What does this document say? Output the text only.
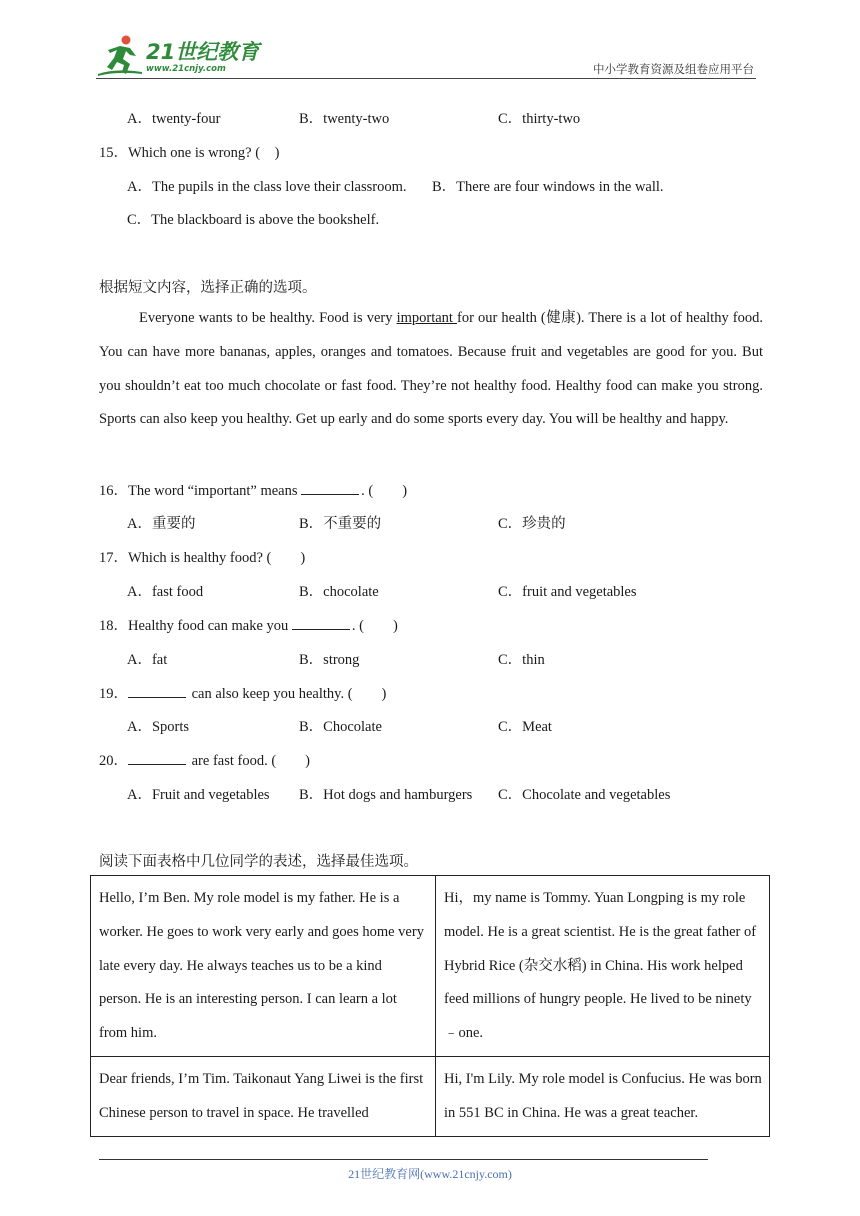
21世纪教育
www.21cnjy.com	中小学教育资源及组卷应用平台
A．twenty-four	B．twenty-two	C．thirty-two
15．Which one is wrong? (　)
A．The pupils in the class love their classroom. B．There are four windows in the wall.
C．The blackboard is above the bookshelf.
根据短文内容，选择正确的选项。
Everyone wants to be healthy. Food is very important for our health (健康). There is a lot of healthy food. You can have more bananas, apples, oranges and tomatoes. Because fruit and vegetables are good for you. But you shouldn’t eat too much chocolate or fast food. They’re not healthy food. Healthy food can make you strong. Sports can also keep you healthy. Get up early and do some sports every day. You will be healthy and happy.
16．The word “important” means	. (　　)
A．重要的	B．不重要的	C．珍贵的
17．Which is healthy food? (　　)
A．fast food	B．chocolate	C．fruit and vegetables
18．Healthy food can make you	. (　　)
A．fat	B．strong	C．thin
19．	can also keep you healthy. (　　)
A．Sports	B．Chocolate	C．Meat
20．	are fast food. (　　)
A．Fruit and vegetables B．Hot dogs and hamburgers C．Chocolate and vegetables
阅读下面表格中几位同学的表述，选择最佳选项。
Hello, I’m Ben. My role model is my father. He is a worker. He goes to work very early and goes home very late every day. He always teaches us to be a kind person. He is an interesting person. I can learn a lot from him.
Hi，my name is Tommy. Yuan Longping is my role model. He is a great scientist. He is the great father of Hybrid Rice (杂交水稻) in China. His work helped feed millions of hungry people. He lived to be ninety﹣one.
Dear friends, I’m Tim. Taikonaut Yang Liwei is the first Chinese person to travel in space. He travelled
Hi, I'm Lily. My role model is Confucius. He was born in 551 BC in China. He was a great teacher.
21世纪教育网(www.21cnjy.com)
